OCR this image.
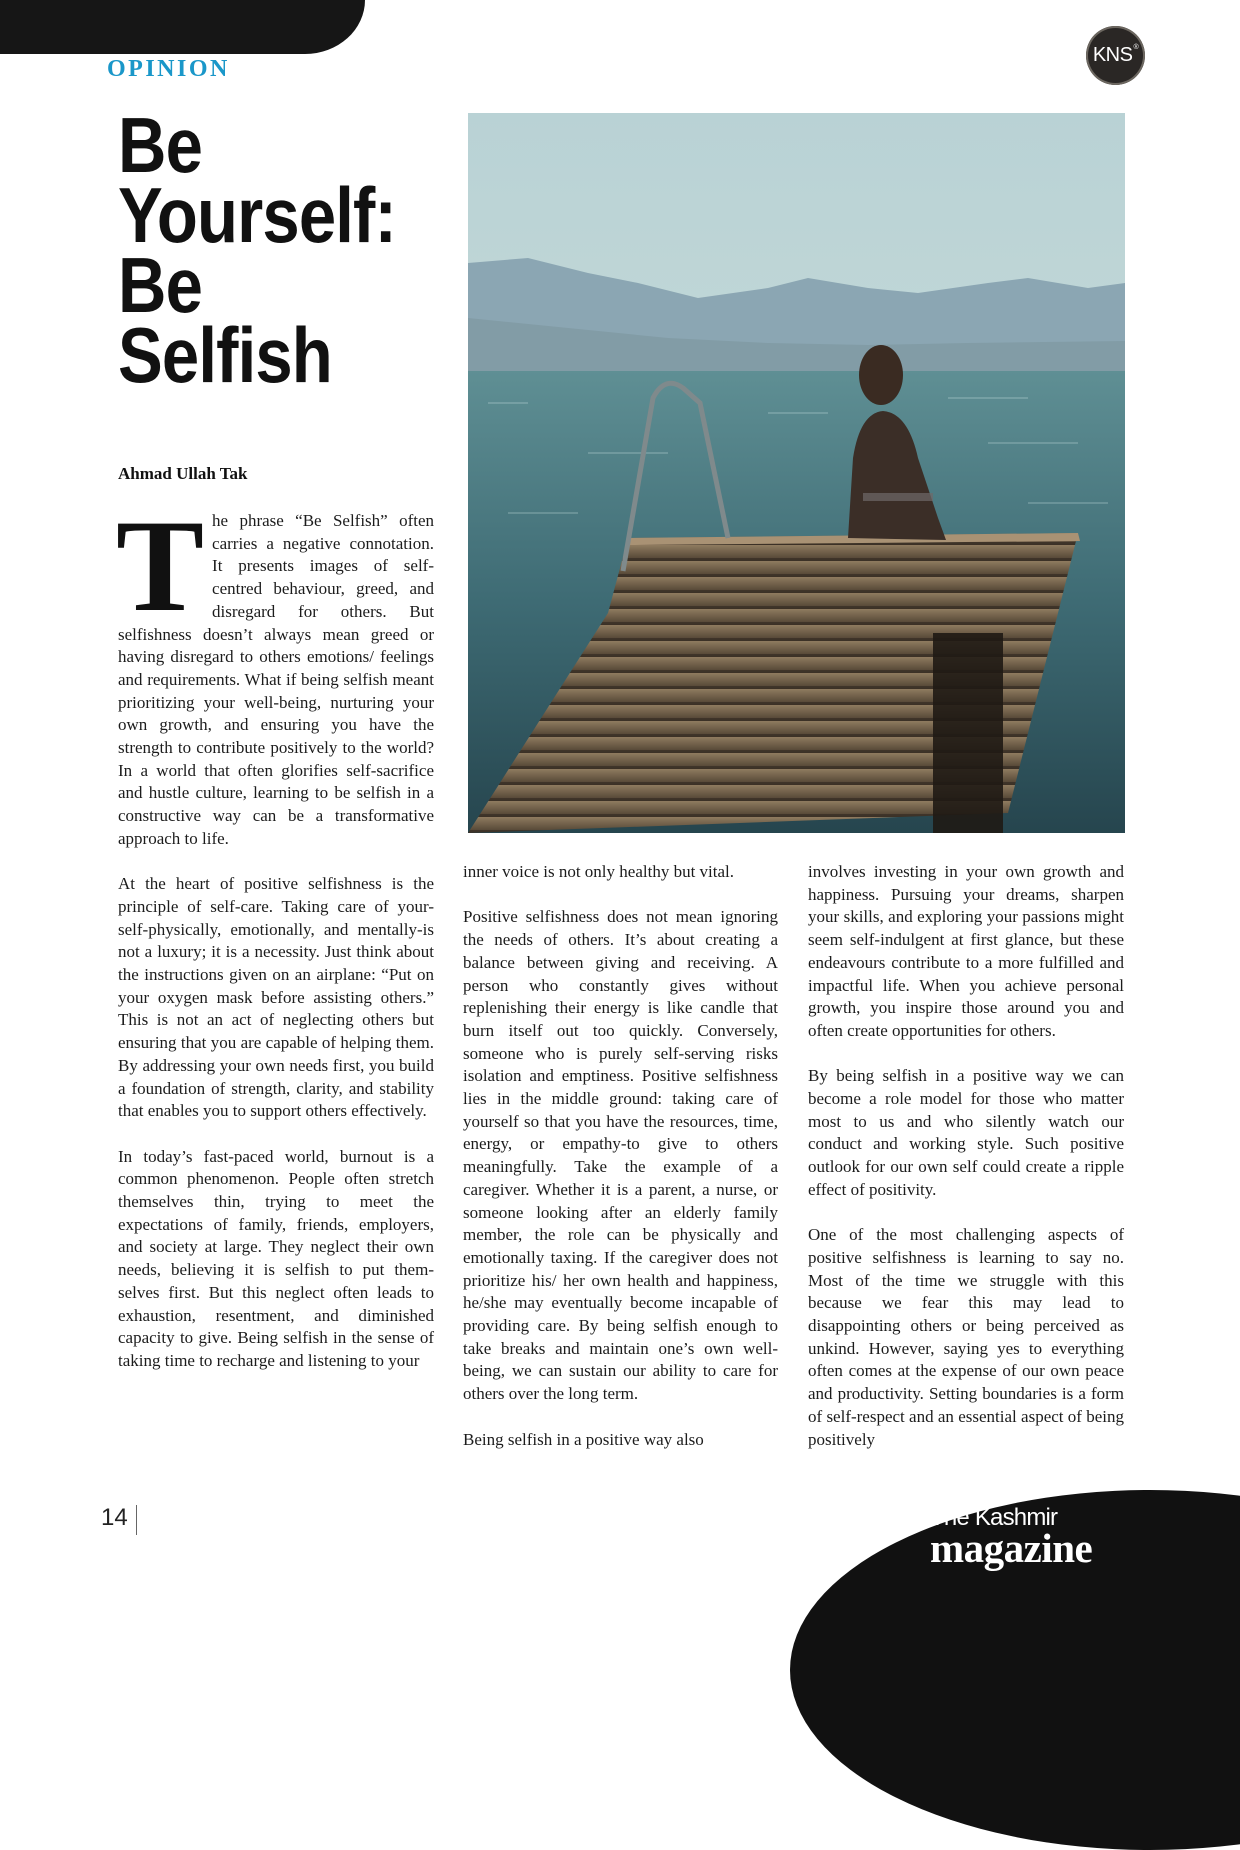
OPINION
KNS®
Be
Yourself:
Be
Selfish
Ahmad Ullah Tak

The phrase “Be Selfish” often carries a negative connotation. It presents images of self-centred behaviour, greed, and disregard for others. But selfishness doesn’t always mean greed or having disregard to others emotions/ feelings and requirements. What if being selfish meant prioritizing your well-being, nurturing your own growth, and ensuring you have the strength to contribute positively to the world? In a world that often glorifies self-sacrifice and hustle culture, learning to be selfish in a constructive way can be a transformative approach to life.

At the heart of positive selfishness is the principle of self-care. Taking care of your-self-physically, emotionally, and mentally-is not a luxury; it is a necessity. Just think about the instructions given on an airplane: “Put on your oxygen mask before assisting others.” This is not an act of neglecting others but ensuring that you are capable of helping them. By addressing your own needs first, you build a foundation of strength, clarity, and stability that enables you to support others effectively.

In today’s fast-paced world, burnout is a common phenomenon. People often stretch themselves thin, trying to meet the expectations of family, friends, employers, and society at large. They neglect their own needs, believing it is selfish to put them-selves first. But this neglect often leads to exhaustion, resentment, and diminished capacity to give. Being selfish in the sense of taking time to recharge and listening to your

inner voice is not only healthy but vital.

Positive selfishness does not mean ignoring the needs of others. It’s about creating a balance between giving and receiving. A person who constantly gives without replenishing their energy is like candle that burn itself out too quickly. Conversely, someone who is purely self-serving risks isolation and emptiness. Positive selfishness lies in the middle ground: taking care of yourself so that you have the resources, time, energy, or empathy-to give to others meaningfully. Take the example of a caregiver. Whether it is a parent, a nurse, or someone looking after an elderly family member, the role can be physically and emotionally taxing. If the caregiver does not prioritize his/ her own health and happiness, he/she may eventually become incapable of providing care. By being selfish enough to take breaks and maintain one’s own well-being, we can sustain our ability to care for others over the long term.

Being selfish in a positive way also

involves investing in your own growth and happiness. Pursuing your dreams, sharpen your skills, and exploring your passions might seem self-indulgent at first glance, but these endeavours contribute to a more fulfilled and impactful life. When you achieve personal growth, you inspire those around you and often create opportunities for others.

By being selfish in a positive way we can become a role model for those who matter most to us and who silently watch our conduct and working style. Such positive outlook for our own self could create a ripple effect of positivity.

One of the most challenging aspects of positive selfishness is learning to say no. Most of the time we struggle with this because we fear this may lead to disappointing others or being perceived as unkind. However, saying yes to everything often comes at the expense of our own peace and productivity. Setting boundaries is a form of self-respect and an essential aspect of being positively

14	The Kashmir
magazine
